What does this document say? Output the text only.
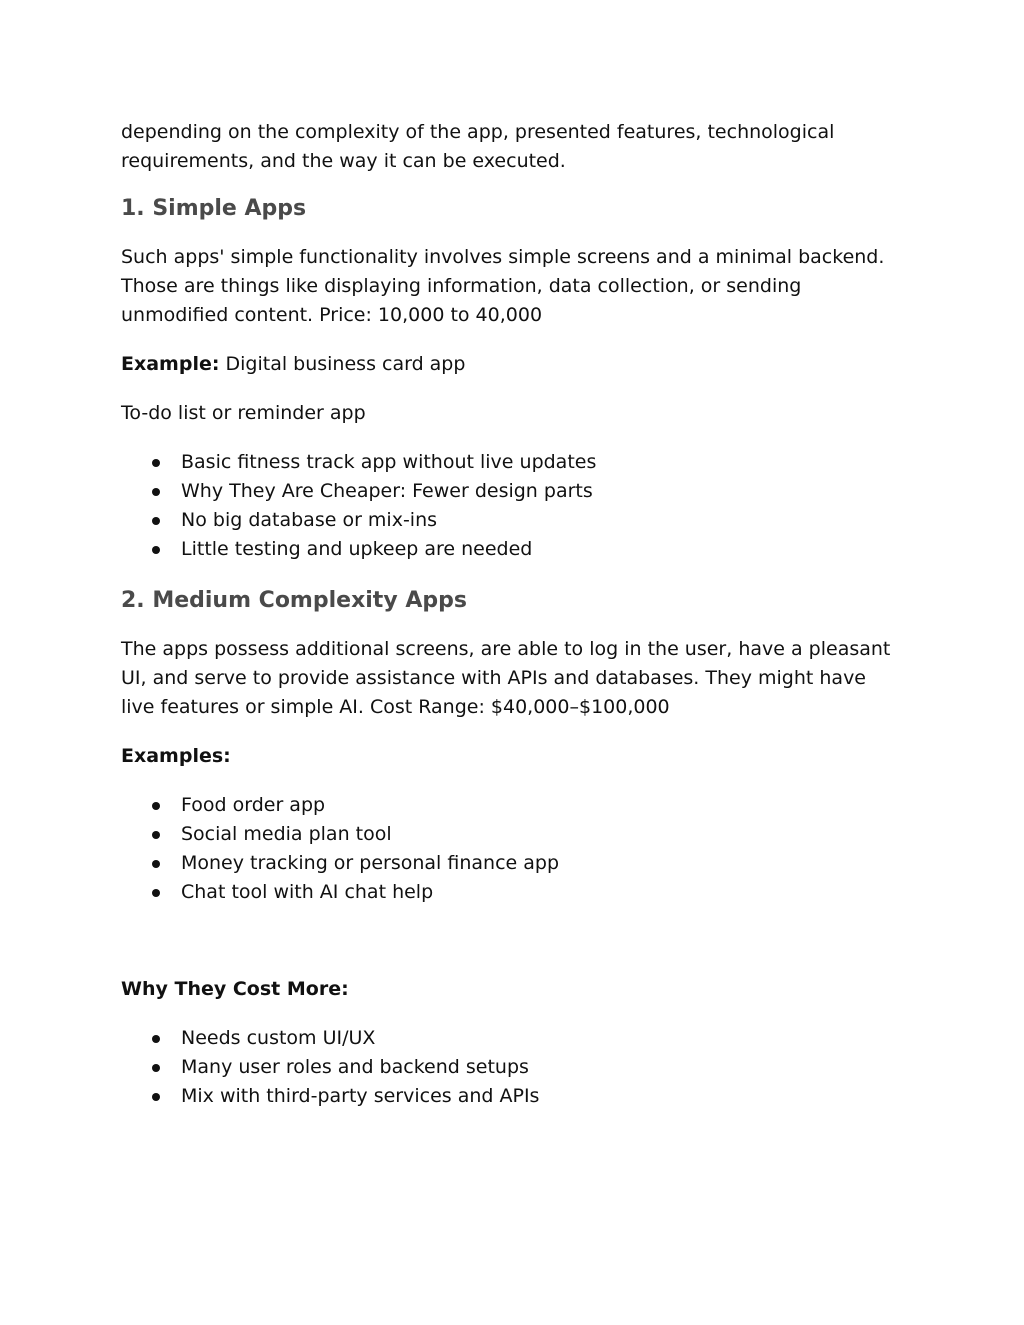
depending on the complexity of the app, presented features, technological
requirements, and the way it can be executed.

1. Simple Apps

Such apps' simple functionality involves simple screens and a minimal backend.
Those are things like displaying information, data collection, or sending
unmodified content. Price: 10,000 to 40,000

Example: Digital business card app

To-do list or reminder app

Basic fitness track app without live updates
Why They Are Cheaper: Fewer design parts
No big database or mix-ins
Little testing and upkeep are needed
2. Medium Complexity Apps

The apps possess additional screens, are able to log in the user, have a pleasant
UI, and serve to provide assistance with APIs and databases. They might have
live features or simple AI. Cost Range: $40,000–$100,000

Examples:

Food order app
Social media plan tool
Money tracking or personal finance app
Chat tool with AI chat help

Why They Cost More:

Needs custom UI/UX
Many user roles and backend setups
Mix with third-party services and APIs
